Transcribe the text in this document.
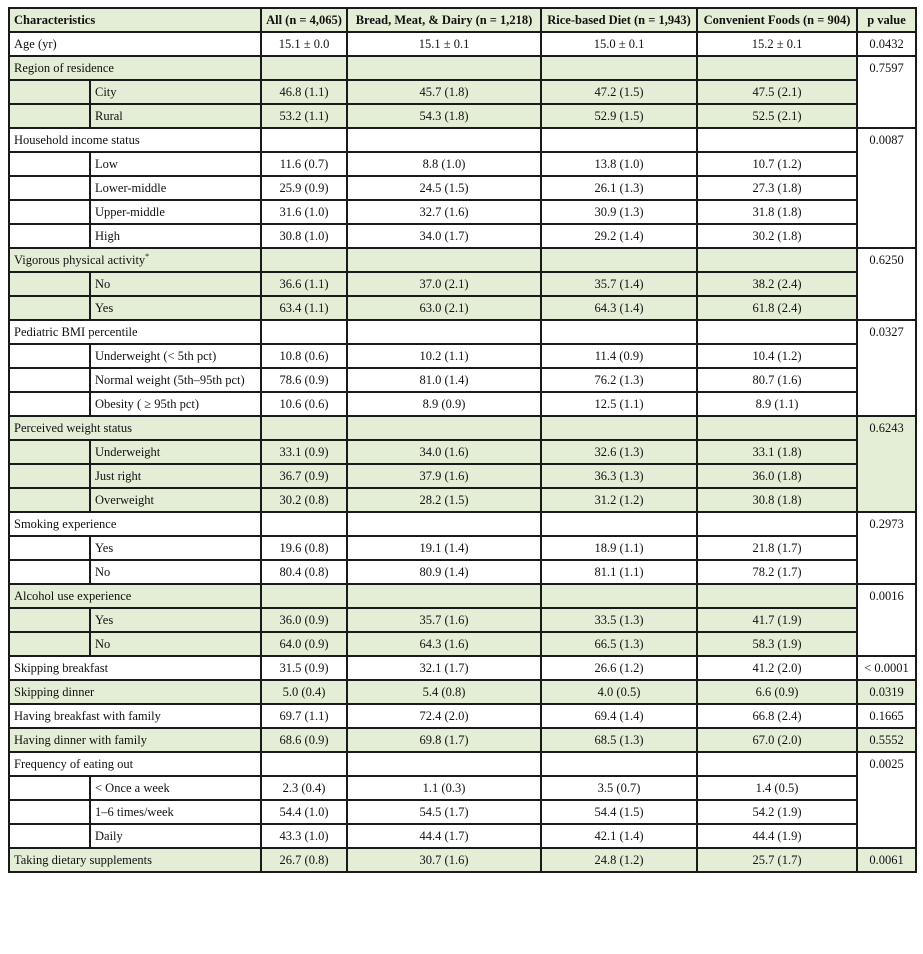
Characteristics		All (n = 4,065)	Bread, Meat, & Dairy (n = 1,218)	Rice-based Diet (n = 1,943)	Convenient Foods (n = 904)	p value
Age (yr)		15.1 ± 0.0	15.1 ± 0.1	15.0 ± 0.1	15.2 ± 0.1	0.0432
Region of residence						0.7597
	City	46.8 (1.1)	45.7 (1.8)	47.2 (1.5)	47.5 (2.1)	
	Rural	53.2 (1.1)	54.3 (1.8)	52.9 (1.5)	52.5 (2.1)	
Household income status						0.0087
	Low	11.6 (0.7)	8.8 (1.0)	13.8 (1.0)	10.7 (1.2)	
	Lower-middle	25.9 (0.9)	24.5 (1.5)	26.1 (1.3)	27.3 (1.8)	
	Upper-middle	31.6 (1.0)	32.7 (1.6)	30.9 (1.3)	31.8 (1.8)	
	High	30.8 (1.0)	34.0 (1.7)	29.2 (1.4)	30.2 (1.8)	
Vigorous physical activity*						0.6250
	No	36.6 (1.1)	37.0 (2.1)	35.7 (1.4)	38.2 (2.4)	
	Yes	63.4 (1.1)	63.0 (2.1)	64.3 (1.4)	61.8 (2.4)	
Pediatric BMI percentile						0.0327
	Underweight (< 5th pct)	10.8 (0.6)	10.2 (1.1)	11.4 (0.9)	10.4 (1.2)	
	Normal weight (5th–95th pct)	78.6 (0.9)	81.0 (1.4)	76.2 (1.3)	80.7 (1.6)	
	Obesity ( ≥ 95th pct)	10.6 (0.6)	8.9 (0.9)	12.5 (1.1)	8.9 (1.1)	
Perceived weight status						0.6243
	Underweight	33.1 (0.9)	34.0 (1.6)	32.6 (1.3)	33.1 (1.8)	
	Just right	36.7 (0.9)	37.9 (1.6)	36.3 (1.3)	36.0 (1.8)	
	Overweight	30.2 (0.8)	28.2 (1.5)	31.2 (1.2)	30.8 (1.8)	
Smoking experience						0.2973
	Yes	19.6 (0.8)	19.1 (1.4)	18.9 (1.1)	21.8 (1.7)	
	No	80.4 (0.8)	80.9 (1.4)	81.1 (1.1)	78.2 (1.7)	
Alcohol use experience						0.0016
	Yes	36.0 (0.9)	35.7 (1.6)	33.5 (1.3)	41.7 (1.9)	
	No	64.0 (0.9)	64.3 (1.6)	66.5 (1.3)	58.3 (1.9)	
Skipping breakfast		31.5 (0.9)	32.1 (1.7)	26.6 (1.2)	41.2 (2.0)	< 0.0001
Skipping dinner		5.0 (0.4)	5.4 (0.8)	4.0 (0.5)	6.6 (0.9)	0.0319
Having breakfast with family		69.7 (1.1)	72.4 (2.0)	69.4 (1.4)	66.8 (2.4)	0.1665
Having dinner with family		68.6 (0.9)	69.8 (1.7)	68.5 (1.3)	67.0 (2.0)	0.5552
Frequency of eating out						0.0025
	< Once a week	2.3 (0.4)	1.1 (0.3)	3.5 (0.7)	1.4 (0.5)	
	1–6 times/week	54.4 (1.0)	54.5 (1.7)	54.4 (1.5)	54.2 (1.9)	
	Daily	43.3 (1.0)	44.4 (1.7)	42.1 (1.4)	44.4 (1.9)	
Taking dietary supplements		26.7 (0.8)	30.7 (1.6)	24.8 (1.2)	25.7 (1.7)	0.0061
